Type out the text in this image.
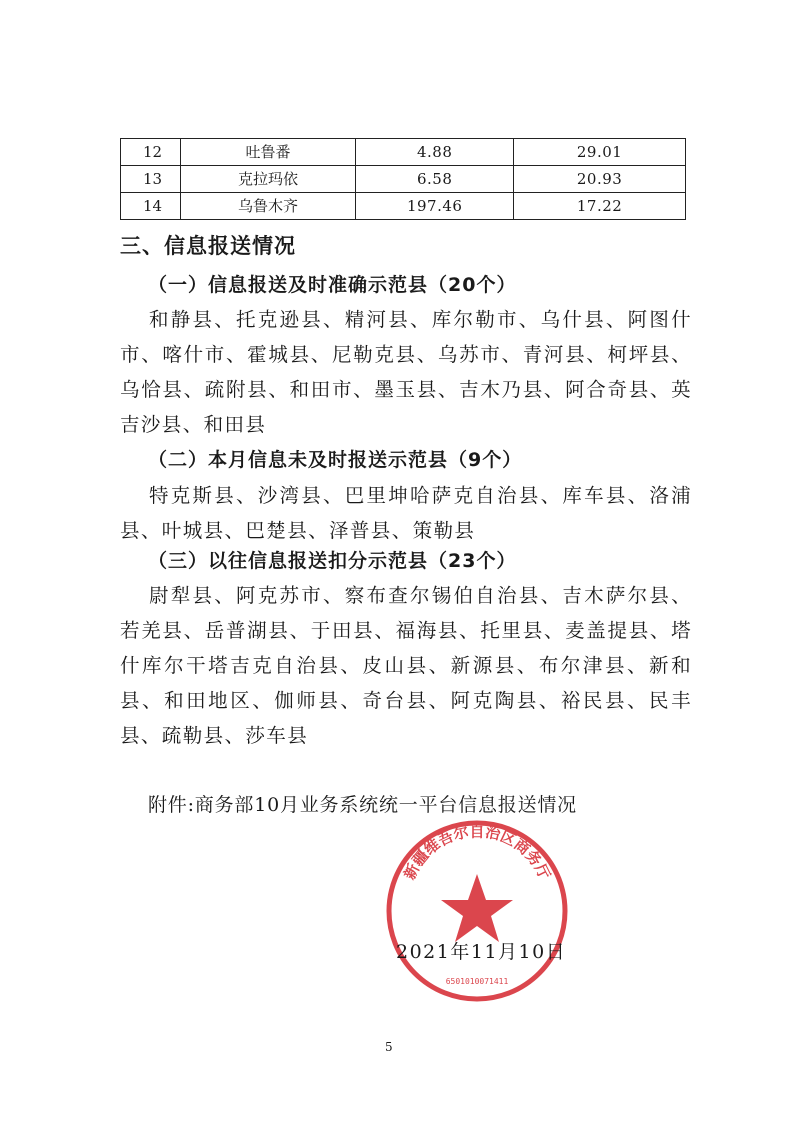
12	吐鲁番	4.88	29.01
13	克拉玛依	6.58	20.93
14	乌鲁木齐	197.46	17.22
三、信息报送情况
（一）信息报送及时准确示范县（20个）
和静县、托克逊县、精河县、库尔勒市、乌什县、阿图什市、喀什市、霍城县、尼勒克县、乌苏市、青河县、柯坪县、乌恰县、疏附县、和田市、墨玉县、吉木乃县、阿合奇县、英吉沙县、和田县
（二）本月信息未及时报送示范县（9个）
特克斯县、沙湾县、巴里坤哈萨克自治县、库车县、洛浦县、叶城县、巴楚县、泽普县、策勒县
（三）以往信息报送扣分示范县（23个）
尉犁县、阿克苏市、察布查尔锡伯自治县、吉木萨尔县、若羌县、岳普湖县、于田县、福海县、托里县、麦盖提县、塔什库尔干塔吉克自治县、皮山县、新源县、布尔津县、新和县、和田地区、伽师县、奇台县、阿克陶县、裕民县、民丰县、疏勒县、莎车县
附件:商务部10月业务系统统一平台信息报送情况
新疆维吾尔自治区商务厅
6501010071411
2021年11月10日
5
